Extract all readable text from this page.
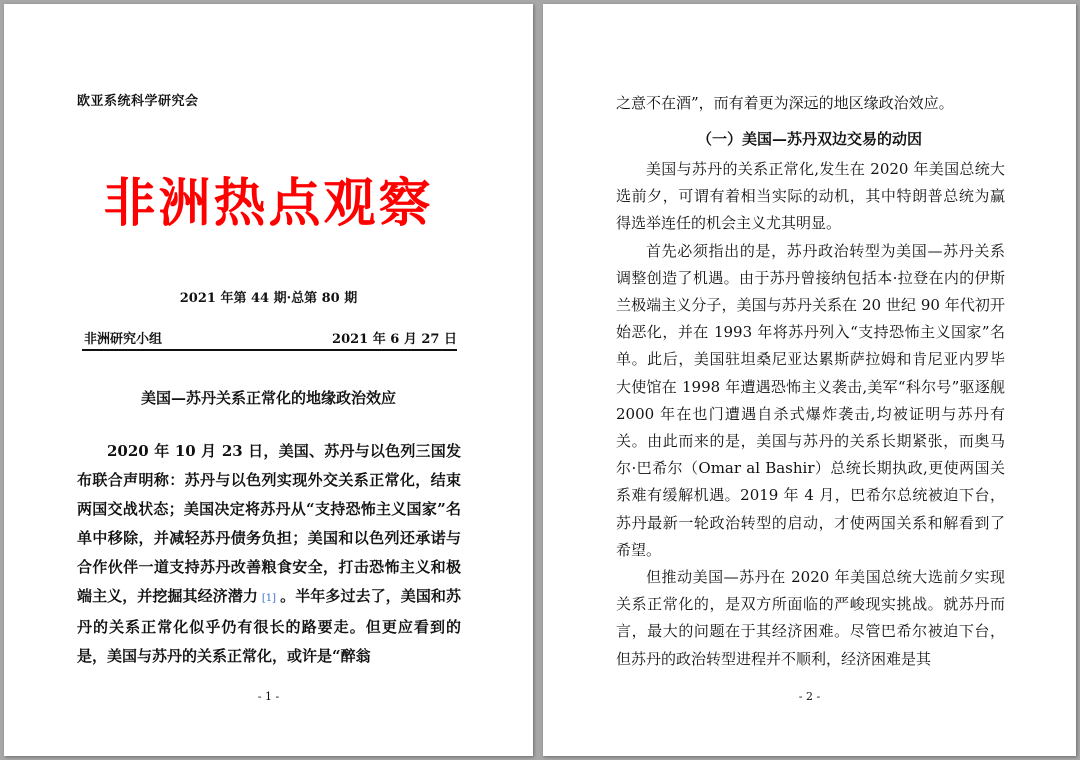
欧亚系统科学研究会
非洲热点观察
2021 年第 44 期·总第 80 期
非洲研究小组	2021 年 6 月 27 日
美国—苏丹关系正常化的地缘政治效应

2020 年 10 月 23 日，美国、苏丹与以色列三国发布联合声明称：苏丹与以色列实现外交关系正常化，结束两国交战状态；美国决定将苏丹从“支持恐怖主义国家”名单中移除，并减轻苏丹债务负担；美国和以色列还承诺与合作伙伴一道支持苏丹改善粮食安全，打击恐怖主义和极端主义，并挖掘其经济潜力 [1] 。半年多过去了，美国和苏丹的关系正常化似乎仍有很长的路要走。但更应看到的是，美国与苏丹的关系正常化，或许是“醉翁

- 1 -

之意不在酒”，而有着更为深远的地区缘政治效应。

（一）美国—苏丹双边交易的动因

美国与苏丹的关系正常化,发生在 2020 年美国总统大选前夕，可谓有着相当实际的动机，其中特朗普总统为赢得选举连任的机会主义尤其明显。

首先必须指出的是，苏丹政治转型为美国—苏丹关系调整创造了机遇。由于苏丹曾接纳包括本·拉登在内的伊斯兰极端主义分子，美国与苏丹关系在 20 世纪 90 年代初开始恶化，并在 1993 年将苏丹列入“支持恐怖主义国家”名单。此后，美国驻坦桑尼亚达累斯萨拉姆和肯尼亚内罗毕大使馆在 1998 年遭遇恐怖主义袭击,美军“科尔号”驱逐舰 2000 年在也门遭遇自杀式爆炸袭击,均被证明与苏丹有关。由此而来的是，美国与苏丹的关系长期紧张，而奥马尔·巴希尔（Omar al Bashir）总统长期执政,更使两国关系难有缓解机遇。2019 年 4 月，巴希尔总统被迫下台，苏丹最新一轮政治转型的启动，才使两国关系和解看到了希望。

但推动美国—苏丹在 2020 年美国总统大选前夕实现关系正常化的，是双方所面临的严峻现实挑战。就苏丹而言，最大的问题在于其经济困难。尽管巴希尔被迫下台，但苏丹的政治转型进程并不顺利，经济困难是其

- 2 -
